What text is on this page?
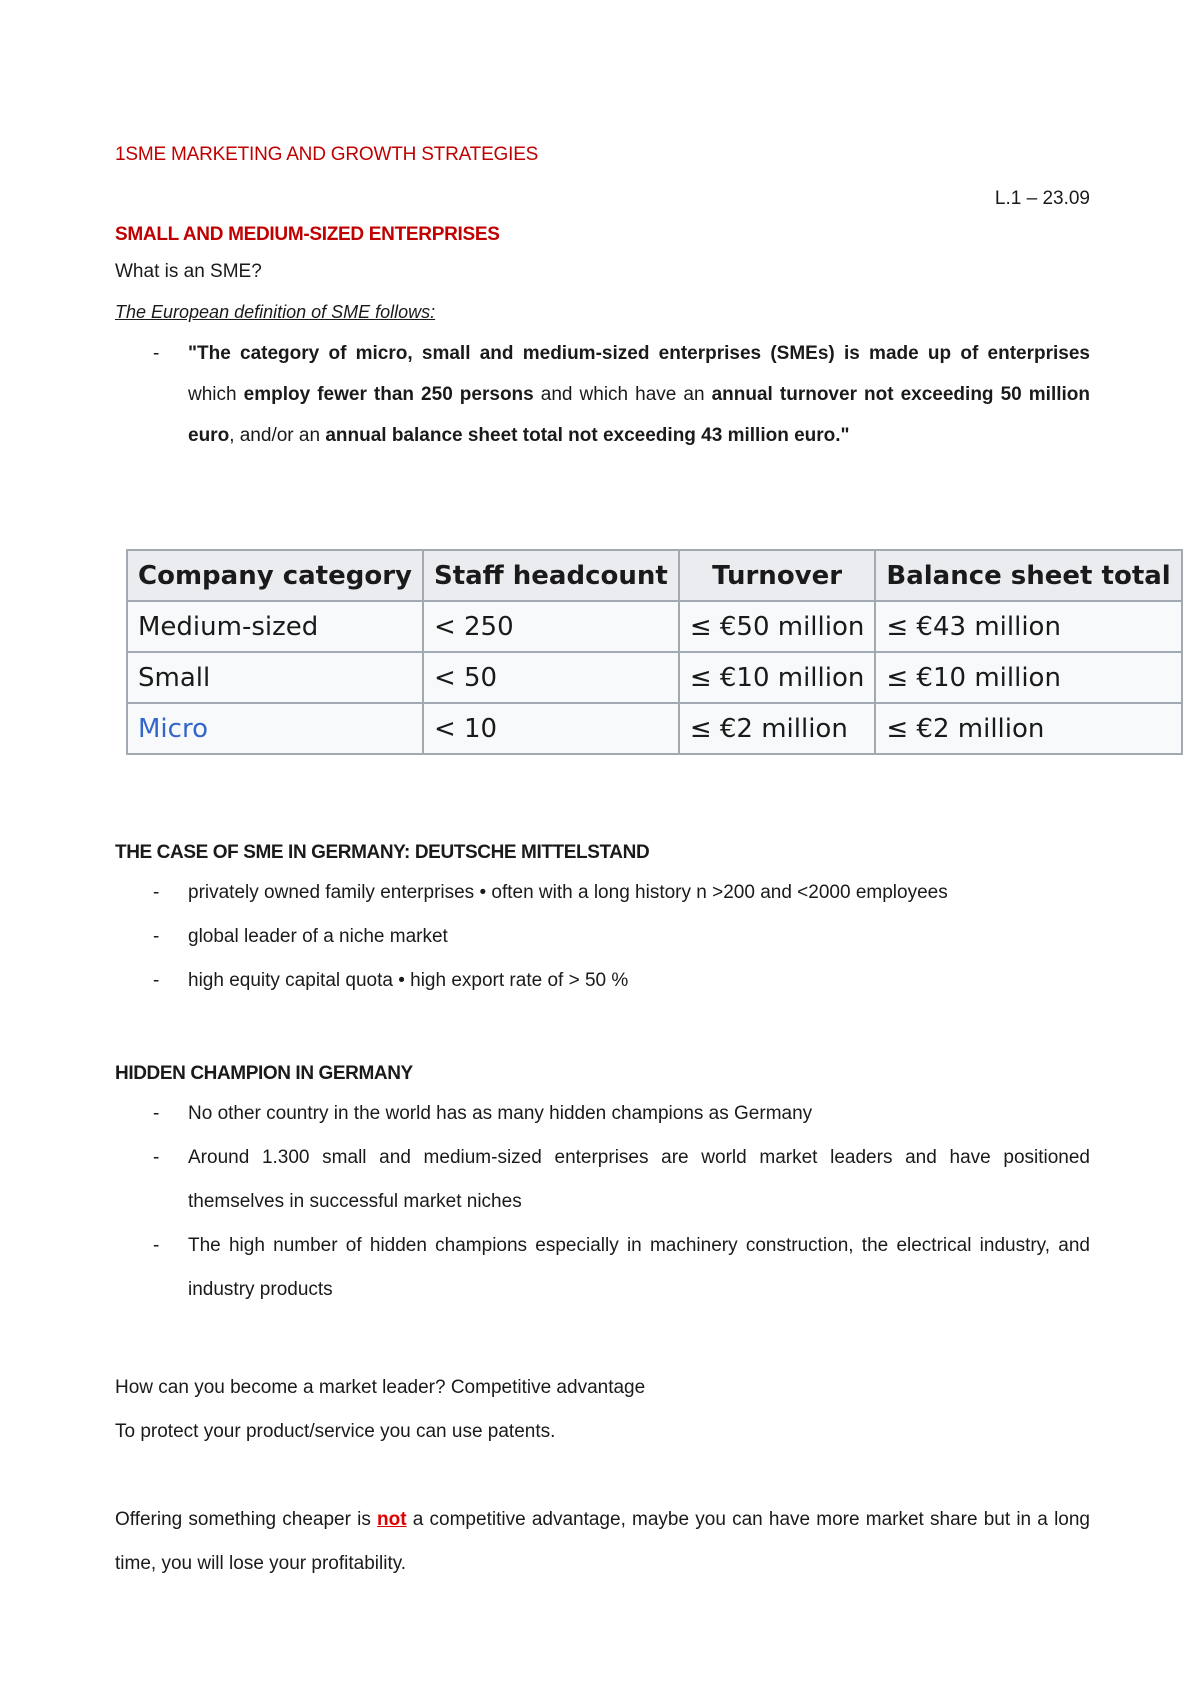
1SME MARKETING AND GROWTH STRATEGIES

L.1 – 23.09

SMALL AND MEDIUM-SIZED ENTERPRISES

What is an SME?

The European definition of SME follows:

- "The category of micro, small and medium-sized enterprises (SMEs) is made up of enterprises which employ fewer than 250 persons and which have an annual turnover not exceeding 50 million euro, and/or an annual balance sheet total not exceeding 43 million euro."
Company category	Staff headcount	Turnover	Balance sheet total
Medium-sized	< 250	≤ €50 million	≤ €43 million
Small	< 50	≤ €10 million	≤ €10 million
Micro	< 10	≤ €2 million	≤ €2 million

THE CASE OF SME IN GERMANY: DEUTSCHE MITTELSTAND

- privately owned family enterprises • often with a long history n >200 and <2000 employees
- global leader of a niche market
- high equity capital quota • high export rate of > 50 %

HIDDEN CHAMPION IN GERMANY

- No other country in the world has as many hidden champions as Germany
- Around 1.300 small and medium-sized enterprises are world market leaders and have positioned themselves in successful market niches
- The high number of hidden champions especially in machinery construction, the electrical industry, and industry products

How can you become a market leader? Competitive advantage

To protect your product/service you can use patents.

Offering something cheaper is not a competitive advantage, maybe you can have more market share but in a long time, you will lose your profitability.
